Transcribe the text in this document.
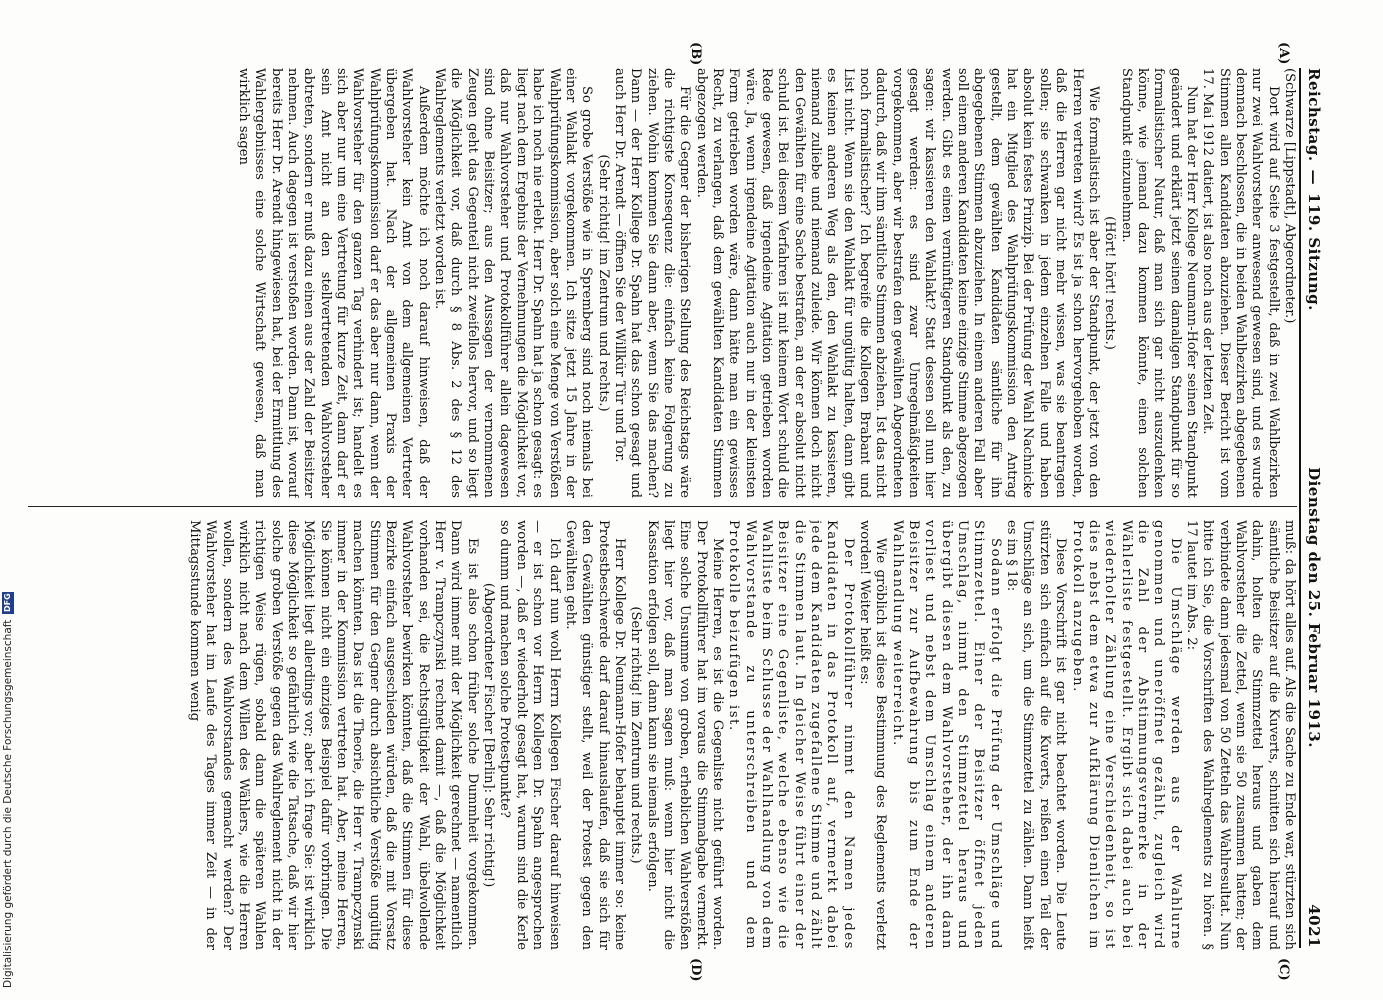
Reichstag.
—
119. Sitzung.
Dienstag den 25. Februar 1913.
4021
(A)
(B)
(C)
(D)

(Schwarze [Lippstadt], Abgeordneter.)

Dort wird auf Seite 3 festgestellt, daß in zwei Wahlbezirken nur zwei Wahlvorsteher anwesend gewesen sind, und es wurde demnach beschlossen, die in beiden Wahlbezirken abgegebenen Stimmen allen Kandidaten abzuziehen. Dieser Bericht ist vom 17. Mai 1912 datiert, ist also noch aus der letzten Zeit.

Nun hat der Herr Kollege Neumann-Hofer seinen Standpunkt geändert und erklärt jetzt seinen damaligen Standpunkt für so formalistischer Natur, daß man sich gar nicht auszudenken könne, wie jemand dazu kommen könnte, einen solchen Standpunkt einzunehmen.

(Hört! hört! rechts.)

Wie formalistisch ist aber der Standpunkt, der jetzt von den Herren vertreten wird? Es ist ja schon hervorgehoben worden, daß die Herren gar nicht mehr wissen, was sie beantragen sollen; sie schwanken in jedem einzelnen Falle und haben absolut kein festes Prinzip. Bei der Prüfung der Wahl Nachnicke hat ein Mitglied des Wahlprüfungskommission den Antrag gestellt, dem gewählten Kandidaten sämtliche für ihn abgegebenen Stimmen abzuziehen. In einem anderen Fall aber soll einem anderen Kandidaten keine einzige Stimme abgezogen werden. Gibt es einen vernünftigeren Standpunkt als den, zu sagen: wir kassieren den Wahlakt? Statt dessen soll nun hier gesagt werden: es sind zwar Unregelmäßigkeiten vorgekommen, aber wir bestrafen den gewählten Abgeordneten dadurch, daß wir ihm sämtliche Stimmen abziehen. Ist das nicht noch formalistischer? Ich begreife die Kollegen Brabant und List nicht. Wenn sie den Wahlakt für ungültig halten, dann gibt es keinen anderen Weg als den, den Wahlakt zu kassieren, niemand zuliebe und niemand zuleide. Wir können doch nicht den Gewählten für eine Sache bestrafen, an der er absolut nicht schuld ist. Bei diesem Verfahren ist mit keinem Wort schuld die Rede gewesen, daß irgendeine Agitation getrieben worden wäre. Ja, wenn irgendeine Agitation auch nur in der kleinsten Form getrieben worden wäre, dann hätte man ein gewisses Recht, zu verlangen, daß dem gewählten Kandidaten Stimmen abgezogen werden.

Für die Gegner der bisherigen Stellung des Reichstags wäre die richtigste Konsequenz die: einfach keine Folgerung zu ziehen. Wohin kommen Sie dann aber, wenn Sie das machen? Dann — der Herr Kollege Dr. Spahn hat das schon gesagt und auch Herr Dr. Arendt — öffnen Sie der Willkür Tür und Tor.

(Sehr richtig! im Zentrum und rechts.)

So grobe Verstöße wie in Spremberg sind noch niemals bei einer Wahlakt vorgekommen. Ich sitze jetzt 15 Jahre in der Wahlprüfungskommission, aber solch eine Menge von Verstößen habe ich noch nie erlebt. Herr Dr. Spahn hat ja schon gesagt: es liegt nach dem Ergebnis der Vernehmungen die Möglichkeit vor, daß nur Wahlvorsteher und Protokollführer allein dagewesen sind ohne Beisitzer; aus den Aussagen der vernommenen Zeugen geht das Gegenteil nicht zweifellos hervor, und so liegt die Möglichkeit vor, daß durch § 8 Abs. 2 des § 12 des Wahlreglements verletzt worden ist.

Außerdem möchte ich noch darauf hinweisen, daß der Wahlvorsteher kein Amt von dem allgemeinen Vertreter übergeben hat. Nach der allgemeinen Praxis der Wahlprüfungskommission darf er das aber nur dann, wenn der Wahlvorsteher für den ganzen Tag verhindert ist; handelt es sich aber nur um eine Vertretung für kurze Zeit, dann darf er sein Amt nicht an den stellvertretenden Wahlvorsteher abtreten, sondern er muß dazu einen aus der Zahl der Beisitzer nehmen. Auch dagegen ist verstoßen worden. Dann ist, worauf bereits Herr Dr. Arendt hingewiesen hat, bei der Ermittlung des Wahlergebnisses eine solche Wirtschaft gewesen, daß man wirklich sagen

muß: da hört alles auf. Als die Sache zu Ende war, stürzten sich sämtliche Beisitzer auf die Kuverts, schnitten sich hierauf und dahin, holten die Stimmzettel heraus und gaben dem Wahlvorsteher die Zettel, wenn sie 50 zusammen hatten; der verbindete dann jedesmal von 50 Zetteln das Wahlresultat. Nun bitte ich Sie, die Vorschriften des Wahlreglements zu hören. § 17 lautet im Abs. 2:

Die Umschläge werden aus der Wahlurne genommen und uneröffnet gezählt, zugleich wird die Zahl der Abstimmungsvermerke in der Wählerliste festgestellt. Ergibt sich dabei auch bei wiederholter Zählung eine Verschiedenheit, so ist dies nebst dem etwa zur Aufklärung Dienlichen im Protokoll anzugeben.

Diese Vorschrift ist gar nicht beachtet worden. Die Leute stürzten sich einfach auf die Kuverts, reißen einen Teil der Umschläge an sich, um die Stimmzettel zu zählen. Dann heißt es im § 18:

Sodann erfolgt die Prüfung der Umschläge und Stimmzettel. Einer der Beisitzer öffnet jeden Umschlag, nimmt den Stimmzettel heraus und übergibt diesen dem Wahlvorsteher, der ihn dann vorliest und nebst dem Umschlag einem anderen Beisitzer zur Aufbewahrung bis zum Ende der Wahlhandlung weiterreicht.

Wie gröblich ist diese Bestimmung des Reglements verletzt worden! Weiter heißt es:

Der Protokollführer nimmt den Namen jedes Kandidaten in das Protokoll auf, vermerkt dabei jede dem Kandidaten zugefallene Stimme und zählt die Stimmen laut. In gleicher Weise führt einer der Beisitzer eine Gegenliste, welche ebenso wie die Wahlliste beim Schlusse der Wahlhandlung von dem Wahlvorstande zu unterschreiben und dem Protokolle beizufügen ist.

Meine Herren, es ist die Gegenliste nicht geführt worden. Der Protokollführer hat im voraus die Stimmabgabe vermerkt. Eine solche Unsumme von groben, erheblichen Wahlverstößen liegt hier vor, daß man sagen muß: wenn hier nicht die Kassation erfolgen soll, dann kann sie niemals erfolgen.

(Sehr richtig! im Zentrum und rechts.)

Herr Kollege Dr. Neumann-Hofer behauptet immer so: keine Protestbeschwerde darf darauf hinauslaufen, daß sie sich für den Gewählten günstiger stellt, weil der Protest gegen den Gewählten geht.

Ich darf nun wohl Herrn Kollegen Fischer darauf hinweisen — er ist schon vor Herrn Kollegen Dr. Spahn angesprochen worden —, daß er wiederholt gesagt hat, warum sind die Kerle so dumm und machen solche Protestpunkte?

(Abgeordneter Fischer [Berlin]: Sehr richtig!)

Es ist also schon früher solche Dummheit vorgekommen. Dann wird immer mit der Möglichkeit gerechnet — namentlich Herr v. Trampczynski rechnet damit —, daß die Möglichkeit vorhanden sei, die Rechtsgültigkeit der Wahl, übelwollende Wahlvorsteher bewirken könnten, daß die Stimmen für diese Bezirke einfach ausgeschieden würden, daß die mit Vorsatz Stimmen für den Gegner durch absichtliche Verstöße ungültig machen könnten. Das ist die Theorie, die Herr v. Trampczynski immer in der Kommission vertreten hat. Aber, meine Herren, Sie können nicht ein einziges Beispiel dafür vorbringen. Die Möglichkeit liegt allerdings vor; aber ich frage Sie: ist wirklich diese Möglichkeit so gefährlich wie die Tatsache, daß wir hier solche groben Verstöße gegen das Wahlreglement nicht in der richtigen Weise rügen, sobald dann die späteren Wahlen wirklich nicht nach dem Willen des Wählers, wie die Herren wollen, sondern des Wahlvorstandes gemacht werden? Der Wahlvorsteher hat im Laufe des Tages immer Zeit — in der Mittagsstunde kommen wenig

Digitalisierung gefördert durch die Deutsche Forschungsgemeinschaft
DFG
